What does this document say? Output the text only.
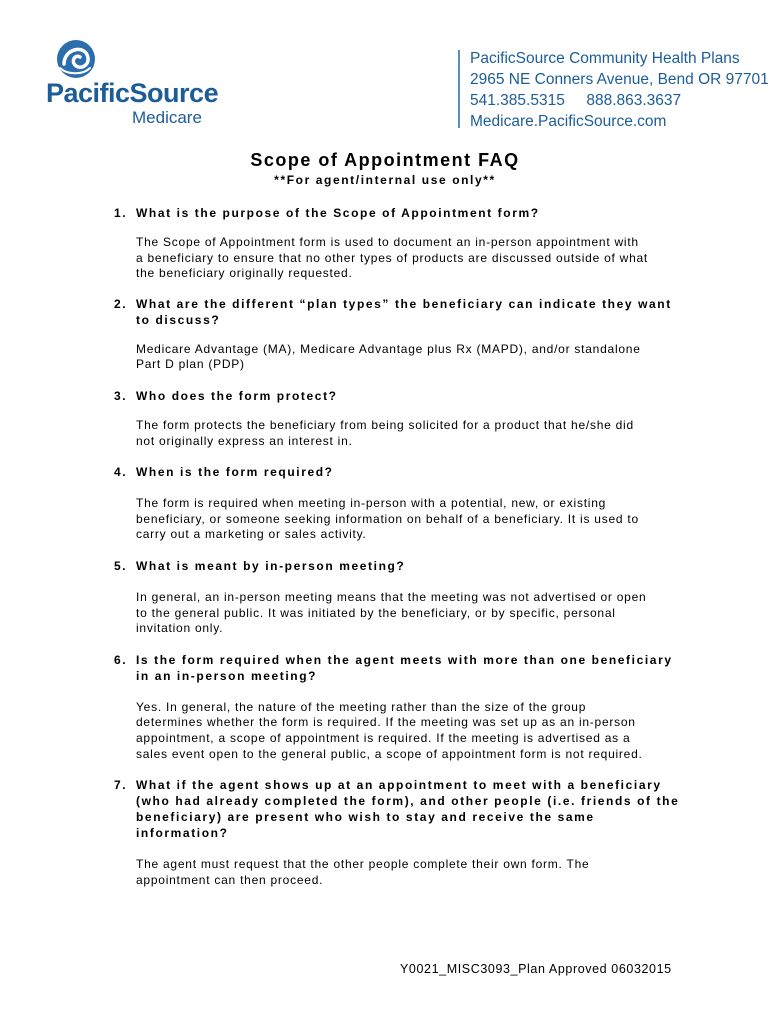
PacificSource
Medicare
PacificSource Community Health Plans
2965 NE Conners Avenue, Bend OR 97701
541.385.5315     888.863.3637
Medicare.PacificSource.com
Scope of Appointment FAQ
**For agent/internal use only**

1. What is the purpose of the Scope of Appointment form?

The Scope of Appointment form is used to document an in-person appointment with
a beneficiary to ensure that no other types of products are discussed outside of what
the beneficiary originally requested.

2. What are the different “plan types” the beneficiary can indicate they want to discuss?

Medicare Advantage (MA), Medicare Advantage plus Rx (MAPD), and/or standalone
Part D plan (PDP)

3. Who does the form protect?

The form protects the beneficiary from being solicited for a product that he/she did
not originally express an interest in.

4. When is the form required?

The form is required when meeting in-person with a potential, new, or existing
beneficiary, or someone seeking information on behalf of a beneficiary. It is used to
carry out a marketing or sales activity.

5. What is meant by in-person meeting?

In general, an in-person meeting means that the meeting was not advertised or open
to the general public. It was initiated by the beneficiary, or by specific, personal
invitation only.

6. Is the form required when the agent meets with more than one beneficiary in an in-person meeting?

Yes. In general, the nature of the meeting rather than the size of the group
determines whether the form is required. If the meeting was set up as an in-person
appointment, a scope of appointment is required. If the meeting is advertised as a
sales event open to the general public, a scope of appointment form is not required.

7. What if the agent shows up at an appointment to meet with a beneficiary (who had already completed the form), and other people (i.e. friends of the beneficiary) are present who wish to stay and receive the same information?

The agent must request that the other people complete their own form. The
appointment can then proceed.

Y0021_MISC3093_Plan Approved 06032015
